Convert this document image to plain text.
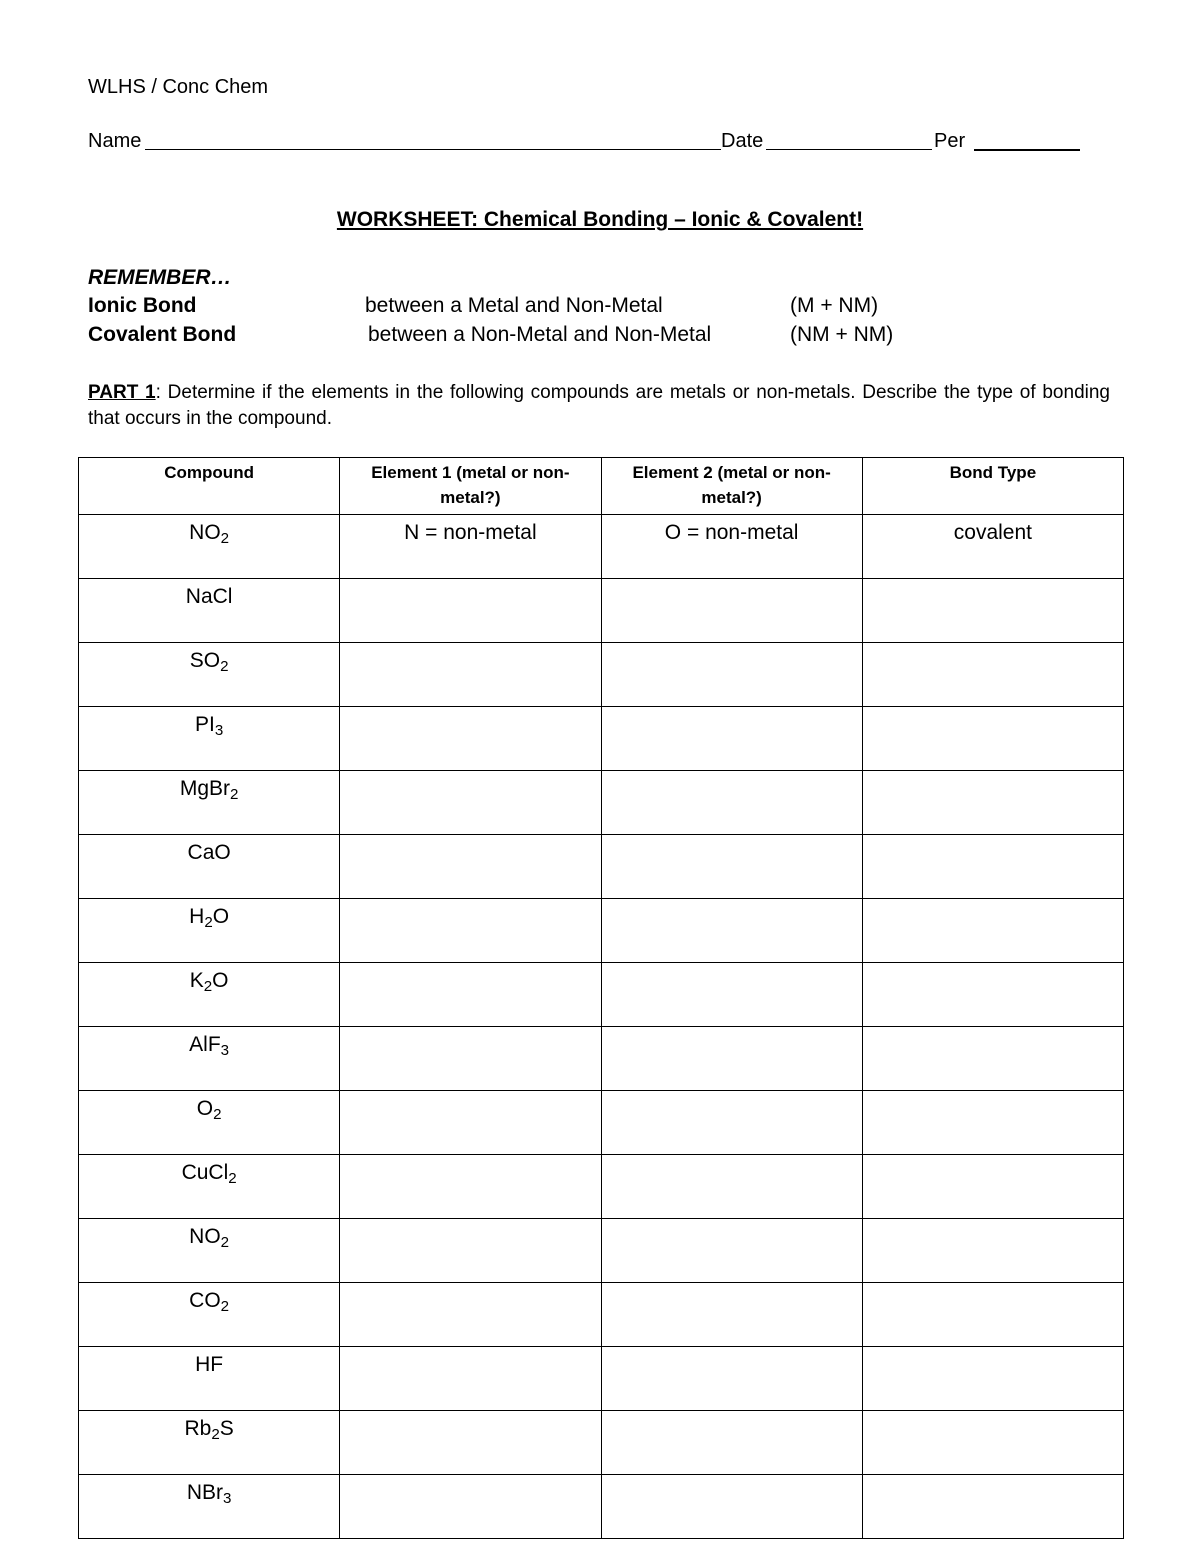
WLHS / Conc Chem
Name	Date	Per
WORKSHEET: Chemical Bonding – Ionic & Covalent!
REMEMBER…
Ionic Bond	between a Metal and Non-Metal	(M + NM)
Covalent Bond	between a Non-Metal and Non-Metal	(NM + NM)
PART 1: Determine if the elements in the following compounds are metals or non-metals. Describe the type of bonding that occurs in the compound.
Compound	Element 1 (metal or non-metal?)	Element 2 (metal or non-metal?)	Bond Type
$NO_2$	N = non-metal	O = non-metal	covalent
NaCl			
$SO_2$			
$PI_3$			
MgBr$_2$			
CaO			
$H_2O$			
$K_2O$			
AlF$_3$			
$O_2$			
CuCl$_2$			
$NO_2$			
$CO_2$			
HF			
$Rb_2S$			
NBr$_3$			
